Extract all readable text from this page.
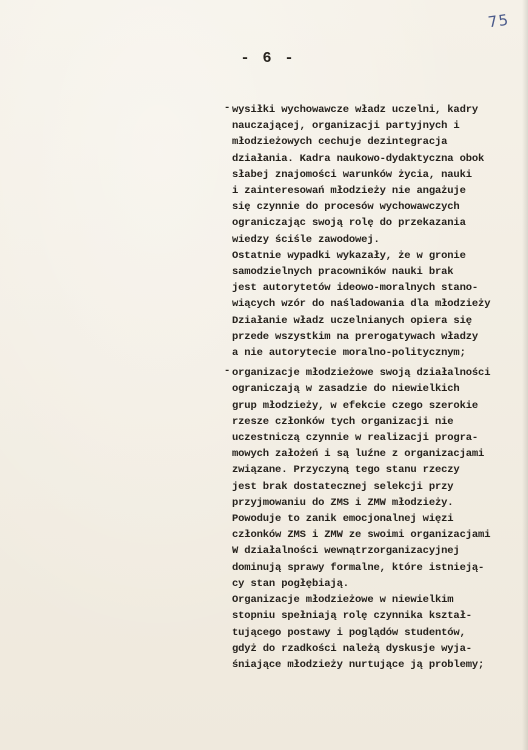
75
- 6 -
- wysiłki wychowawcze władz uczelni, kadry
nauczającej, organizacji partyjnych i
młodzieżowych cechuje dezintegracja
działania. Kadra naukowo-dydaktyczna obok
słabej znajomości warunków życia, nauki
i zainteresowań młodzieży nie angażuje
się czynnie do procesów wychowawczych
ograniczając swoją rolę do przekazania
wiedzy ściśle zawodowej.
Ostatnie wypadki wykazały, że w gronie
samodzielnych pracowników nauki brak
jest autorytetów ideowo-moralnych stano-
wiących wzór do naśladowania dla młodzieży
Działanie władz uczelnianych opiera się
przede wszystkim na prerogatywach władzy
a nie autorytecie moralno-politycznym;
- organizacje młodzieżowe swoją działalności
ograniczają w zasadzie do niewielkich
grup młodzieży, w efekcie czego szerokie
rzesze członków tych organizacji nie
uczestniczą czynnie w realizacji progra-
mowych założeń i są luźne z organizacjami
związane. Przyczyną tego stanu rzeczy
jest brak dostatecznej selekcji przy
przyjmowaniu do ZMS i ZMW młodzieży.
Powoduje to zanik emocjonalnej więzi
członków ZMS i ZMW ze swoimi organizacjami
W działalności wewnątrzorganizacyjnej
dominują sprawy formalne, które istnieją-
cy stan pogłębiają.
Organizacje młodzieżowe w niewielkim
stopniu spełniają rolę czynnika kształ-
tującego postawy i poglądów studentów,
gdyż do rzadkości należą dyskusje wyja-
śniające młodzieży nurtujące ją problemy;
